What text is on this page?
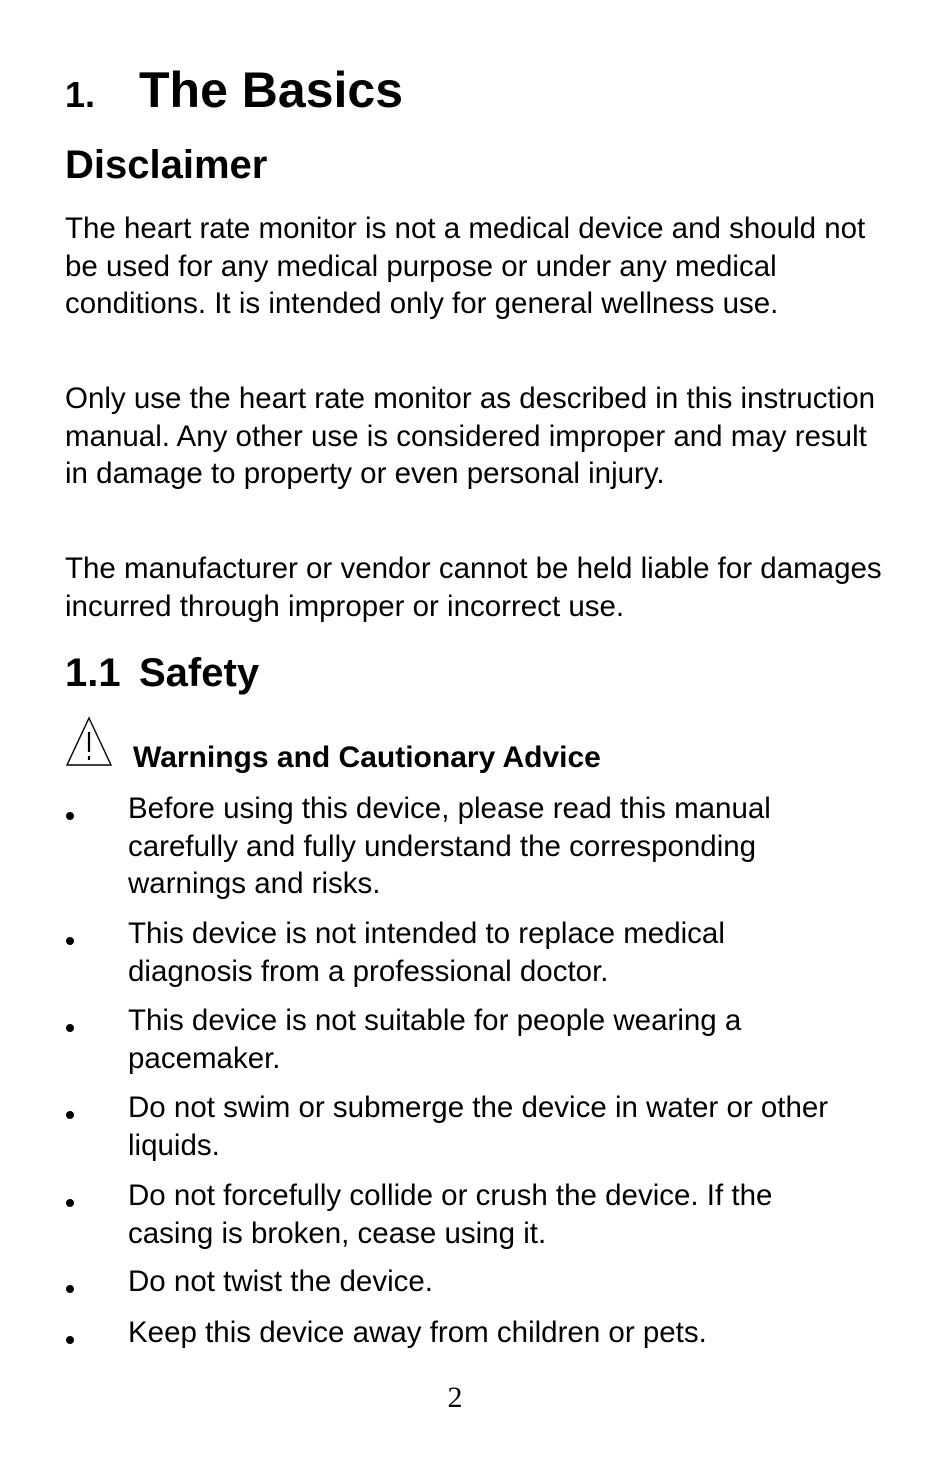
1. The Basics
Disclaimer

The heart rate monitor is not a medical device and should not be used for any medical purpose or under any medical conditions. It is intended only for general wellness use.

Only use the heart rate monitor as described in this instruction manual. Any other use is considered improper and may result in damage to property or even personal injury.

The manufacturer or vendor cannot be held liable for damages incurred through improper or incorrect use.

1.1 Safety
Warnings and Cautionary Advice
Before using this device, please read this manual carefully and fully understand the corresponding warnings and risks.
This device is not intended to replace medical diagnosis from a professional doctor.
This device is not suitable for people wearing a pacemaker.
Do not swim or submerge the device in water or other liquids.
Do not forcefully collide or crush the device. If the casing is broken, cease using it.
Do not twist the device.
Keep this device away from children or pets.
2
